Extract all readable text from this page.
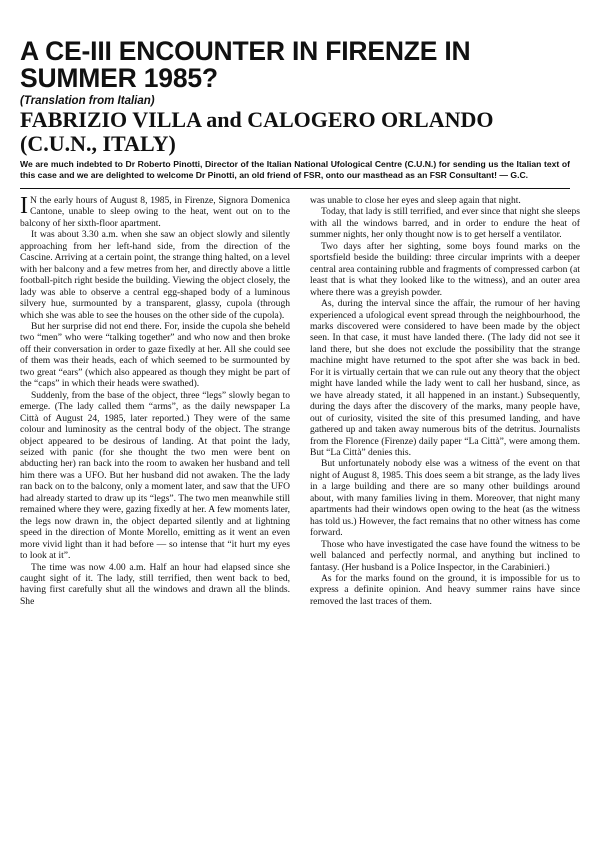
A CE-III ENCOUNTER IN FIRENZE IN SUMMER 1985?
(Translation from Italian)
FABRIZIO VILLA and CALOGERO ORLANDO (C.U.N., ITALY)

We are much indebted to Dr Roberto Pinotti, Director of the Italian National Ufological Centre (C.U.N.) for sending us the Italian text of this case and we are delighted to welcome Dr Pinotti, an old friend of FSR, onto our masthead as an FSR Consultant! — G.C.

I N the early hours of August 8, 1985, in Firenze, Signora Domenica Cantone, unable to sleep owing to the heat, went out on to the balcony of her sixth-floor apartment.

It was about 3.30 a.m. when she saw an object slowly and silently approaching from her left-hand side, from the direction of the Cascine. Arriving at a certain point, the strange thing halted, on a level with her balcony and a few metres from her, and directly above a little football-pitch right beside the building. Viewing the object closely, the lady was able to observe a central egg-shaped body of a luminous silvery hue, surmounted by a transparent, glassy, cupola (through which she was able to see the houses on the other side of the cupola).

But her surprise did not end there. For, inside the cupola she beheld two “men” who were “talking together” and who now and then broke off their conversation in order to gaze fixedly at her. All she could see of them was their heads, each of which seemed to be surmounted by two great “ears” (which also appeared as though they might be part of the “caps” in which their heads were swathed).

Suddenly, from the base of the object, three “legs” slowly began to emerge. (The lady called them “arms”, as the daily newspaper La Città of August 24, 1985, later reported.) They were of the same colour and luminosity as the central body of the object. The strange object appeared to be desirous of landing. At that point the lady, seized with panic (for she thought the two men were bent on abducting her) ran back into the room to awaken her husband and tell him there was a UFO. But her husband did not awaken. The the lady ran back on to the balcony, only a moment later, and saw that the UFO had already started to draw up its “legs”. The two men meanwhile still remained where they were, gazing fixedly at her. A few moments later, the legs now drawn in, the object departed silently and at lightning speed in the direction of Monte Morello, emitting as it went an even more vivid light than it had before — so intense that “it hurt my eyes to look at it”.

The time was now 4.00 a.m. Half an hour had elapsed since she caught sight of it. The lady, still terrified, then went back to bed, having first carefully shut all the windows and drawn all the blinds. She

was unable to close her eyes and sleep again that night.

Today, that lady is still terrified, and ever since that night she sleeps with all the windows barred, and in order to endure the heat of summer nights, her only thought now is to get herself a ventilator.

Two days after her sighting, some boys found marks on the sportsfield beside the building: three circular imprints with a deeper central area containing rubble and fragments of compressed carbon (at least that is what they looked like to the witness), and an outer area where there was a greyish powder.

As, during the interval since the affair, the rumour of her having experienced a ufological event spread through the neighbourhood, the marks discovered were considered to have been made by the object seen. In that case, it must have landed there. (The lady did not see it land there, but she does not exclude the possibility that the strange machine might have returned to the spot after she was back in bed. For it is virtually certain that we can rule out any theory that the object might have landed while the lady went to call her husband, since, as we have already stated, it all happened in an instant.) Subsequently, during the days after the discovery of the marks, many people have, out of curiosity, visited the site of this presumed landing, and have gathered up and taken away numerous bits of the detritus. Journalists from the Florence (Firenze) daily paper “La Città”, were among them. But “La Città” denies this.

But unfortunately nobody else was a witness of the event on that night of August 8, 1985. This does seem a bit strange, as the lady lives in a large building and there are so many other buildings around about, with many families living in them. Moreover, that night many apartments had their windows open owing to the heat (as the witness has told us.) However, the fact remains that no other witness has come forward.

Those who have investigated the case have found the witness to be well balanced and perfectly normal, and anything but inclined to fantasy. (Her husband is a Police Inspector, in the Carabinieri.)

As for the marks found on the ground, it is impossible for us to express a definite opinion. And heavy summer rains have since removed the last traces of them.
